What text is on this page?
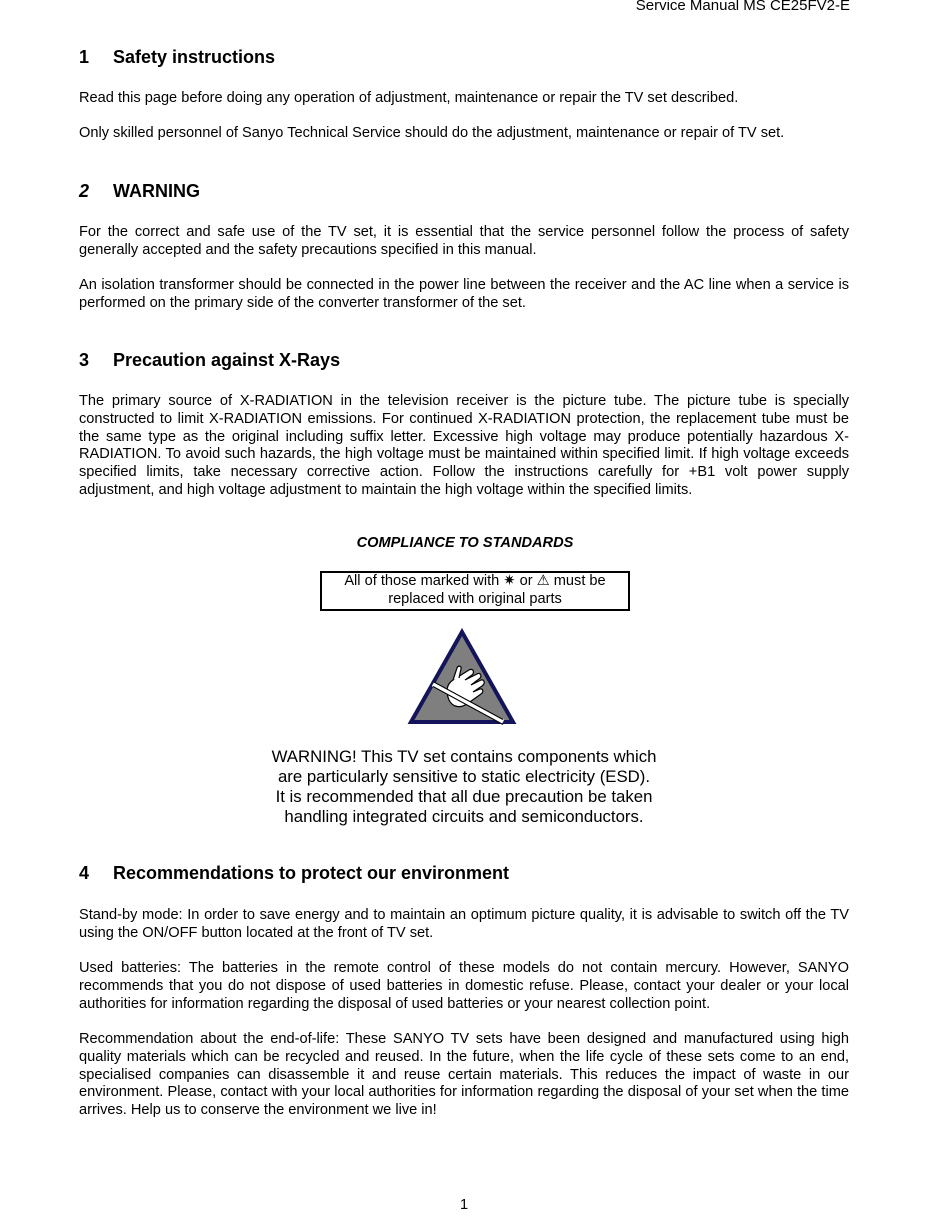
Service Manual MS CE25FV2-E
1 Safety instructions

Read this page before doing any operation of adjustment, maintenance or repair the TV set described.

Only skilled personnel of Sanyo Technical Service should do the adjustment, maintenance or repair of TV set.

2 WARNING

For the correct and safe use of the TV set, it is essential that the service personnel follow the process of safety generally accepted and the safety precautions specified in this manual.

An isolation transformer should be connected in the power line between the receiver and the AC line when a service is performed on the primary side of the converter transformer of the set.

3 Precaution against X-Rays

The primary source of X-RADIATION in the television receiver is the picture tube. The picture tube is specially constructed to limit X-RADIATION emissions. For continued X-RADIATION protection, the replacement tube must be the same type as the original including suffix letter. Excessive high voltage may produce potentially hazardous X-RADIATION. To avoid such hazards, the high voltage must be maintained within specified limit. If high voltage exceeds specified limits, take necessary corrective action. Follow the instructions carefully for +B1 volt power supply adjustment, and high voltage adjustment to maintain the high voltage within the specified limits.

COMPLIANCE TO STANDARDS
All of those marked with ✷ or ⚠ must be
replaced with original parts
WARNING! This TV set contains components which
are particularly sensitive to static electricity (ESD).
It is recommended that all due precaution be taken
handling integrated circuits and semiconductors.
4 Recommendations to protect our environment

Stand-by mode: In order to save energy and to maintain an optimum picture quality, it is advisable to switch off the TV using the ON/OFF button located at the front of TV set.

Used batteries: The batteries in the remote control of these models do not contain mercury. However, SANYO recommends that you do not dispose of used batteries in domestic refuse. Please, contact your dealer or your local authorities for information regarding the disposal of used batteries or your nearest collection point.

Recommendation about the end-of-life: These SANYO TV sets have been designed and manufactured using high quality materials which can be recycled and reused. In the future, when the life cycle of these sets come to an end, specialised companies can disassemble it and reuse certain materials. This reduces the impact of waste in our environment. Please, contact with your local authorities for information regarding the disposal of your set when the time arrives. Help us to conserve the environment we live in!

1
